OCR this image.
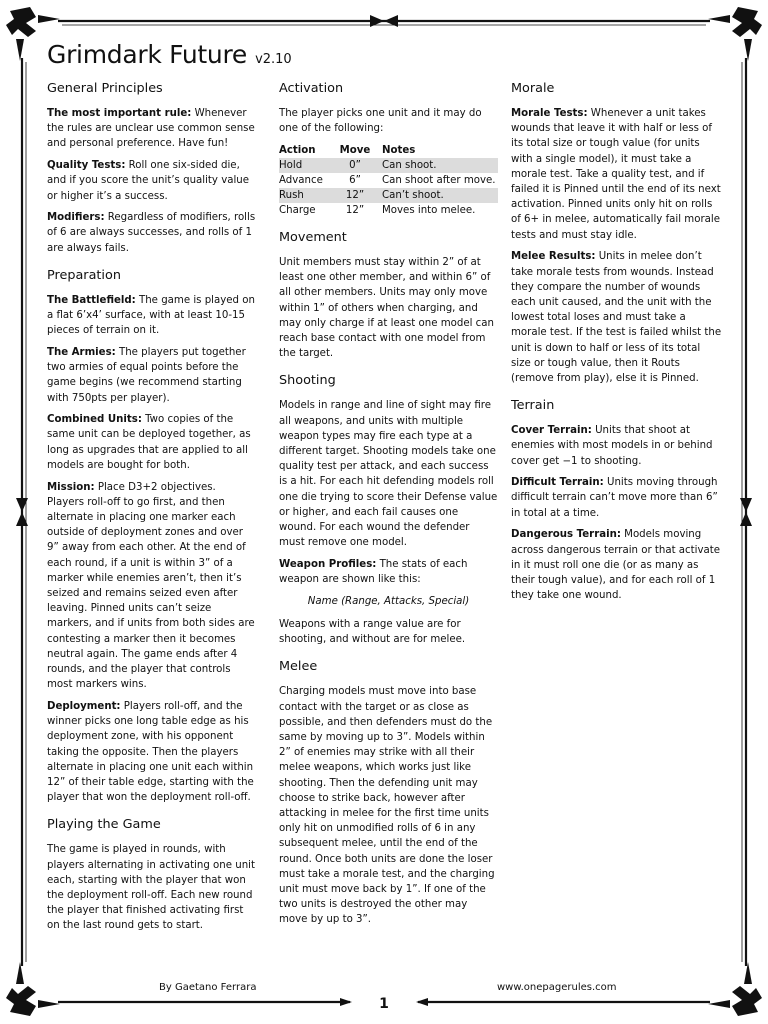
Grimdark Future v2.10
General Principles

The most important rule: Whenever the rules are unclear use common sense and personal preference. Have fun!

Quality Tests: Roll one six-sided die, and if you score the unit’s quality value or higher it’s a success.

Modifiers: Regardless of modifiers, rolls of 6 are always successes, and rolls of 1 are always fails.

Preparation

The Battlefield: The game is played on a flat 6’x4’ surface, with at least 10-15 pieces of terrain on it.

The Armies: The players put together two armies of equal points before the game begins (we recommend starting with 750pts per player).

Combined Units: Two copies of the same unit can be deployed together, as long as upgrades that are applied to all models are bought for both.

Mission: Place D3+2 objectives. Players roll-off to go first, and then alternate in placing one marker each outside of deployment zones and over 9” away from each other. At the end of each round, if a unit is within 3” of a marker while enemies aren’t, then it’s seized and remains seized even after leaving. Pinned units can’t seize markers, and if units from both sides are contesting a marker then it becomes neutral again. The game ends after 4 rounds, and the player that controls most markers wins.

Deployment: Players roll-off, and the winner picks one long table edge as his deployment zone, with his opponent taking the opposite. Then the players alternate in placing one unit each within 12” of their table edge, starting with the player that won the deployment roll-off.

Playing the Game

The game is played in rounds, with players alternating in activating one unit each, starting with the player that won the deployment roll-off. Each new round the player that finished activating first on the last round gets to start.

Activation

The player picks one unit and it may do one of the following:

Action	Move	Notes
Hold	0”	Can shoot.
Advance	6”	Can shoot after move.
Rush	12”	Can’t shoot.
Charge	12”	Moves into melee.
Movement

Unit members must stay within 2” of at least one other member, and within 6” of all other members. Units may only move within 1” of others when charging, and may only charge if at least one model can reach base contact with one model from the target.

Shooting

Models in range and line of sight may fire all weapons, and units with multiple weapon types may fire each type at a different target. Shooting models take one quality test per attack, and each success is a hit. For each hit defending models roll one die trying to score their Defense value or higher, and each fail causes one wound. For each wound the defender must remove one model.

Weapon Profiles: The stats of each weapon are shown like this:

Name (Range, Attacks, Special)

Weapons with a range value are for shooting, and without are for melee.

Melee

Charging models must move into base contact with the target or as close as possible, and then defenders must do the same by moving up to 3”. Models within 2” of enemies may strike with all their melee weapons, which works just like shooting. Then the defending unit may choose to strike back, however after attacking in melee for the first time units only hit on unmodified rolls of 6 in any subsequent melee, until the end of the round. Once both units are done the loser must take a morale test, and the charging unit must move back by 1”. If one of the two units is destroyed the other may move by up to 3”.

Morale

Morale Tests: Whenever a unit takes wounds that leave it with half or less of its total size or tough value (for units with a single model), it must take a morale test. Take a quality test, and if failed it is Pinned until the end of its next activation. Pinned units only hit on rolls of 6+ in melee, automatically fail morale tests and must stay idle.

Melee Results: Units in melee don’t take morale tests from wounds. Instead they compare the number of wounds each unit caused, and the unit with the lowest total loses and must take a morale test. If the test is failed whilst the unit is down to half or less of its total size or tough value, then it Routs (remove from play), else it is Pinned.

Terrain

Cover Terrain: Units that shoot at enemies with most models in or behind cover get −1 to shooting.

Difficult Terrain: Units moving through difficult terrain can’t move more than 6” in total at a time.

Dangerous Terrain: Models moving across dangerous terrain or that activate in it must roll one die (or as many as their tough value), and for each roll of 1 they take one wound.

By Gaetano Ferrara	www.onepagerules.com
1
